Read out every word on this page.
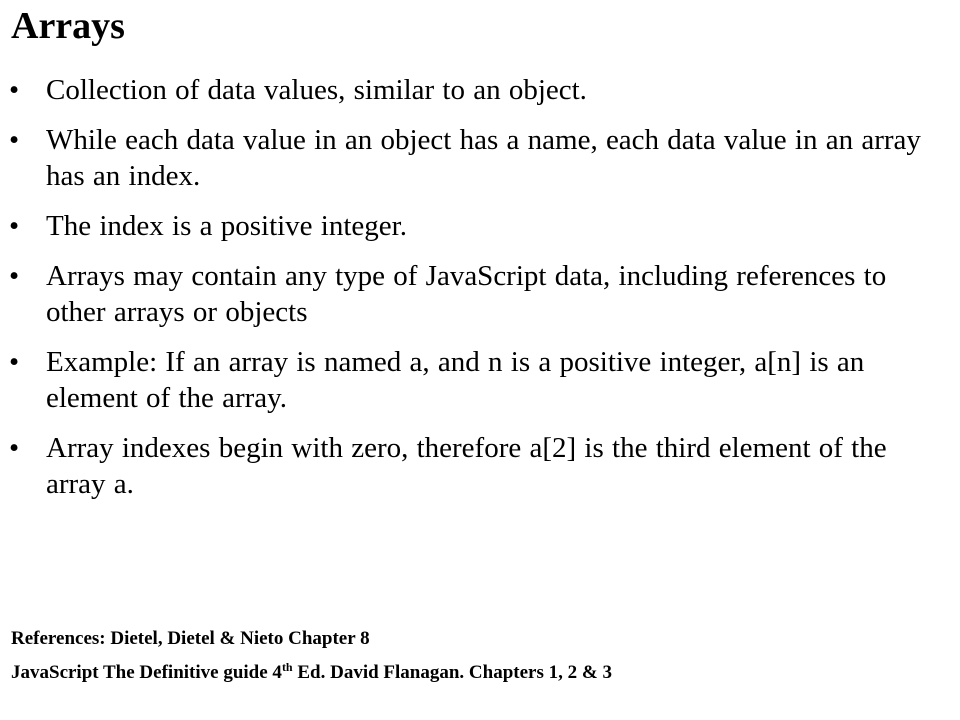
Arrays
• Collection of data values, similar to an object.
• While each data value in an object has a name, each data value in an array has an index.
• The index is a positive integer.
• Arrays may contain any type of JavaScript data, including references to other arrays or objects
• Example: If an array is named a, and n is a positive integer, a[n] is an element of the array.
• Array indexes begin with zero, therefore a[2] is the third element of the array a.
References: Dietel, Dietel & Nieto Chapter 8
JavaScript The Definitive guide 4th Ed. David Flanagan. Chapters 1, 2 & 3
